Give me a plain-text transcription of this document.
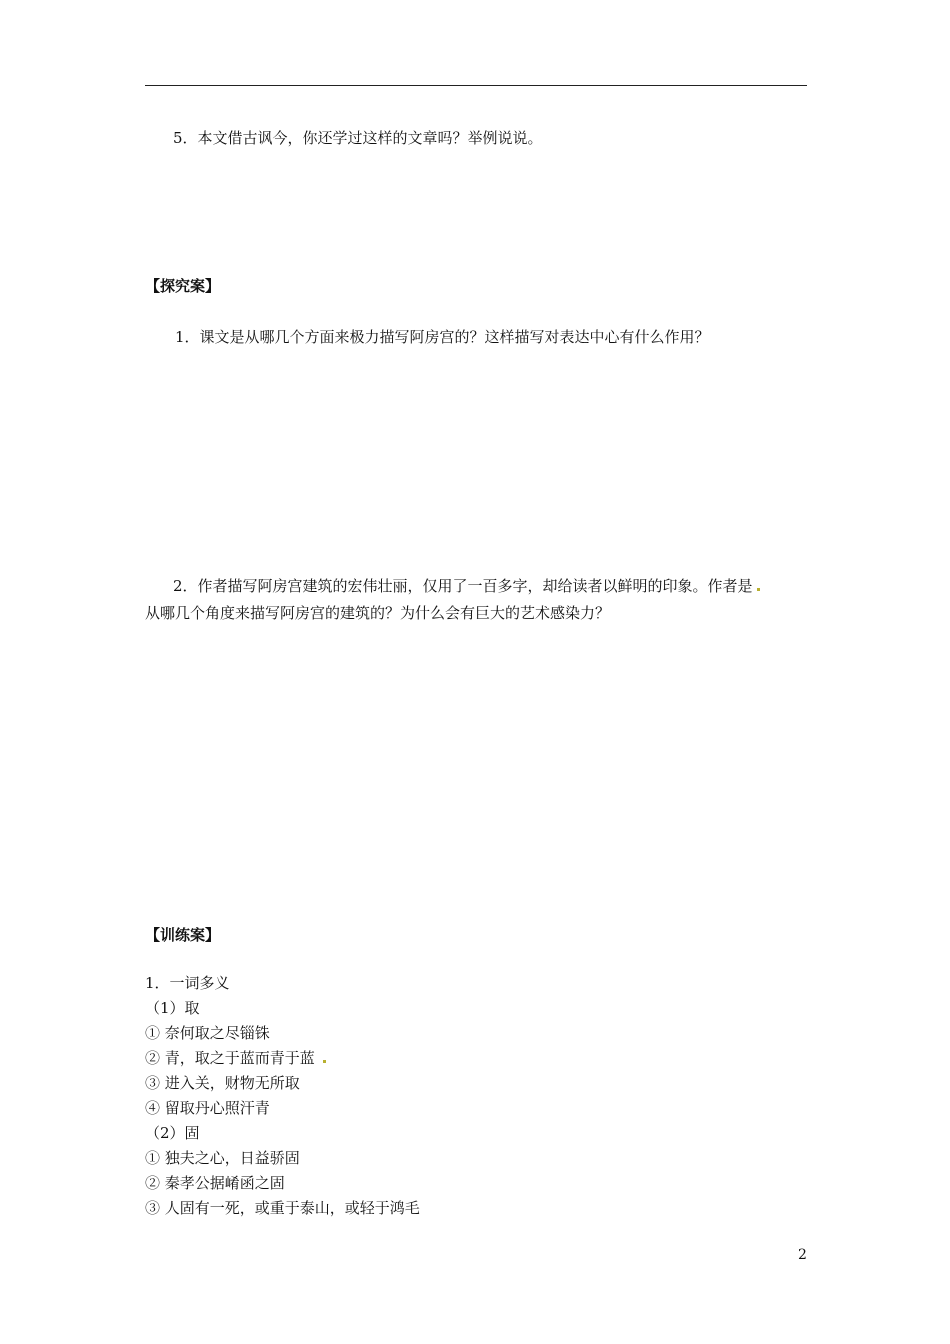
5．本文借古讽今，你还学过这样的文章吗？举例说说。
【探究案】
1．课文是从哪几个方面来极力描写阿房宫的？这样描写对表达中心有什么作用？
2．作者描写阿房宫建筑的宏伟壮丽，仅用了一百多字，却给读者以鲜明的印象。作者是
从哪几个角度来描写阿房宫的建筑的？为什么会有巨大的艺术感染力？
【训练案】
1．一词多义
（1）取
① 奈何取之尽锱铢
② 青，取之于蓝而青于蓝
③ 进入关，财物无所取
④ 留取丹心照汗青
（2）固
① 独夫之心，日益骄固
② 秦孝公据崤函之固
③ 人固有一死，或重于泰山，或轻于鸿毛
2
